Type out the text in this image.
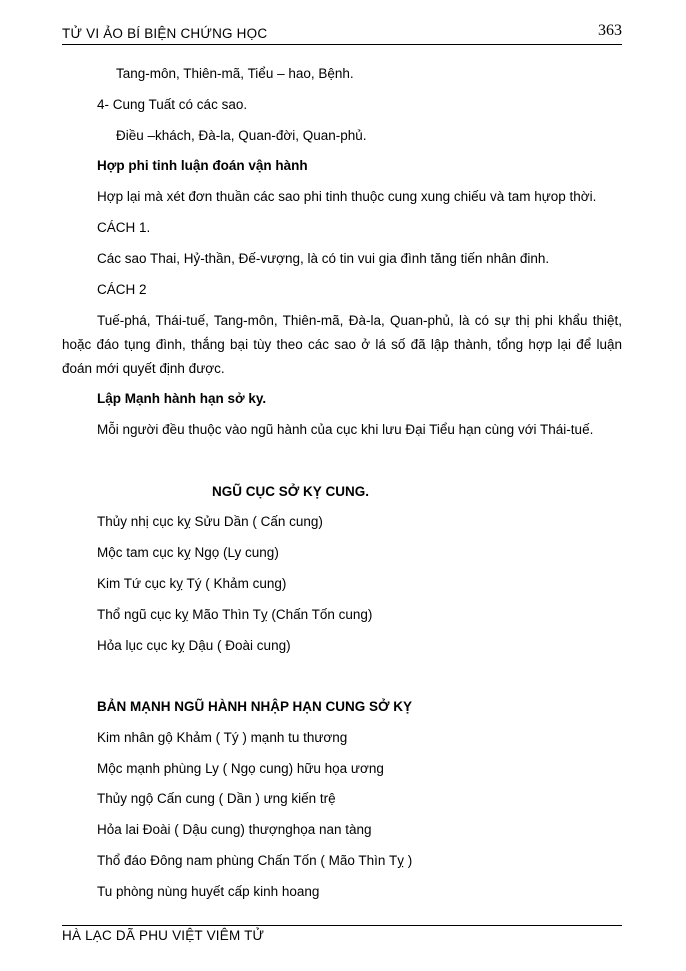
TỬ VI ẢO BÍ BIỆN CHỨNG HỌC	363
Tang-môn, Thiên-mã, Tiểu – hao, Bệnh.
4- Cung Tuất có các sao.
Điều –khách, Đà-la, Quan-đời, Quan-phủ.
Hợp phi tinh luận đoán vận hành
Hợp lại mà xét đơn thuần các sao phi tinh thuộc cung xung chiếu và tam hựop thời.
CÁCH 1.
Các sao Thai, Hỷ-thần, Đế-vượng, là có tin vui gia đình tăng tiến nhân đinh.
CÁCH 2
Tuế-phá, Thái-tuế, Tang-môn, Thiên-mã, Đà-la, Quan-phủ, là có sự thị phi khẩu thiệt, hoặc đáo tụng đình, thắng bại tùy theo các sao ở lá số đã lập thành, tổng hợp lại để luận đoán mới quyết định được.
Lập Mạnh hành hạn sở ky.
Mỗi người đều thuộc vào ngũ hành của cục khi lưu Đại Tiểu hạn cùng với Thái-tuế.
NGŨ CỤC SỞ KỴ CUNG.
Thủy nhị cục kỵ Sửu Dần ( Cấn cung)
Mộc tam cục kỵ Ngọ (Ly cung)
Kim Tứ cục kỵ Tý ( Khảm cung)
Thổ ngũ cục kỵ Mão Thìn Tỵ (Chấn Tốn cung)
Hỏa lục cục kỵ Dậu ( Đoài cung)
BẢN MẠNH NGŨ HÀNH NHẬP HẠN CUNG SỞ KỴ
Kim nhân gộ Khảm ( Tý ) mạnh tu thương
Mộc mạnh phùng Ly ( Ngọ cung) hữu họa ương
Thủy ngộ Cấn cung ( Dần ) ưng kiến trệ
Hỏa lai Đoài ( Dậu cung) thượnghọa nan tàng
Thổ đáo Đông nam phùng Chấn Tốn ( Mão Thìn Tỵ )
Tu phòng nùng huyết cấp kinh hoang
HÀ LẠC DÃ PHU VIỆT VIÊM TỬ
